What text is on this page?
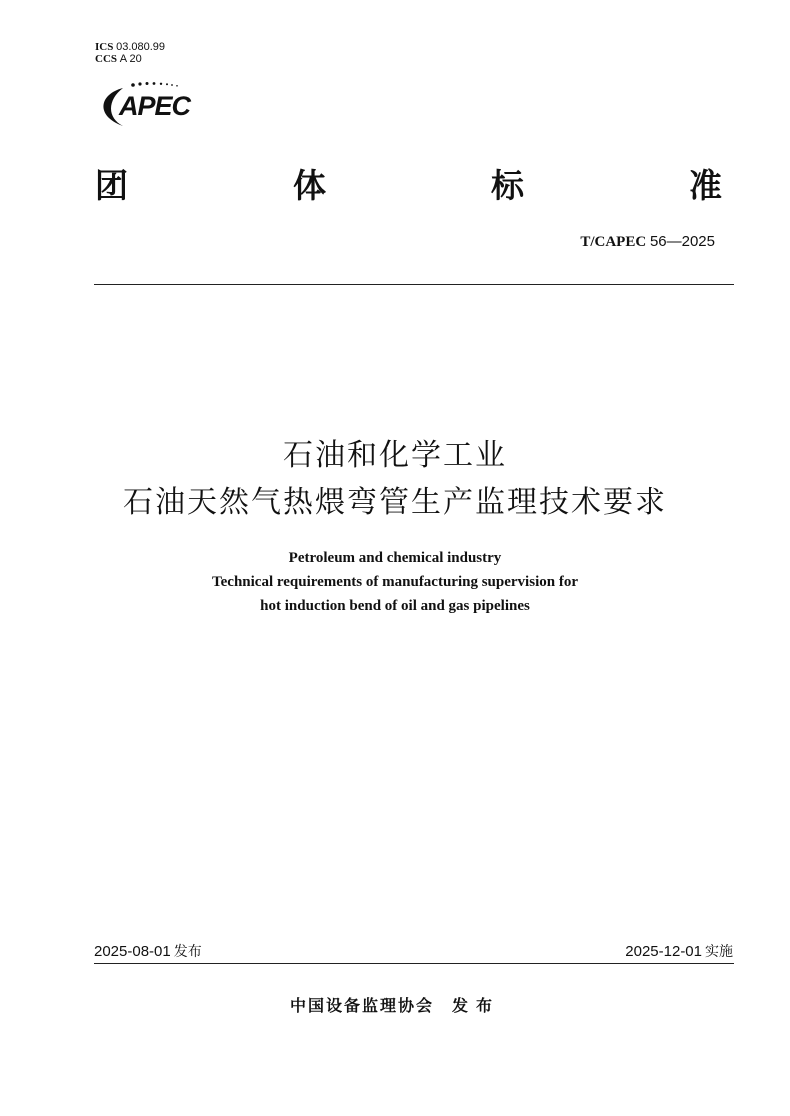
ICS 03.080.99
CCS A 20
APEC
团	体	标	准
T/CAPEC 56—2025
石油和化学工业
石油天然气热煨弯管生产监理技术要求
Petroleum and chemical industry
Technical requirements of manufacturing supervision for
hot induction bend of oil and gas pipelines
2025-08-01 发布	2025-12-01 实施
中国设备监理协会 发布
